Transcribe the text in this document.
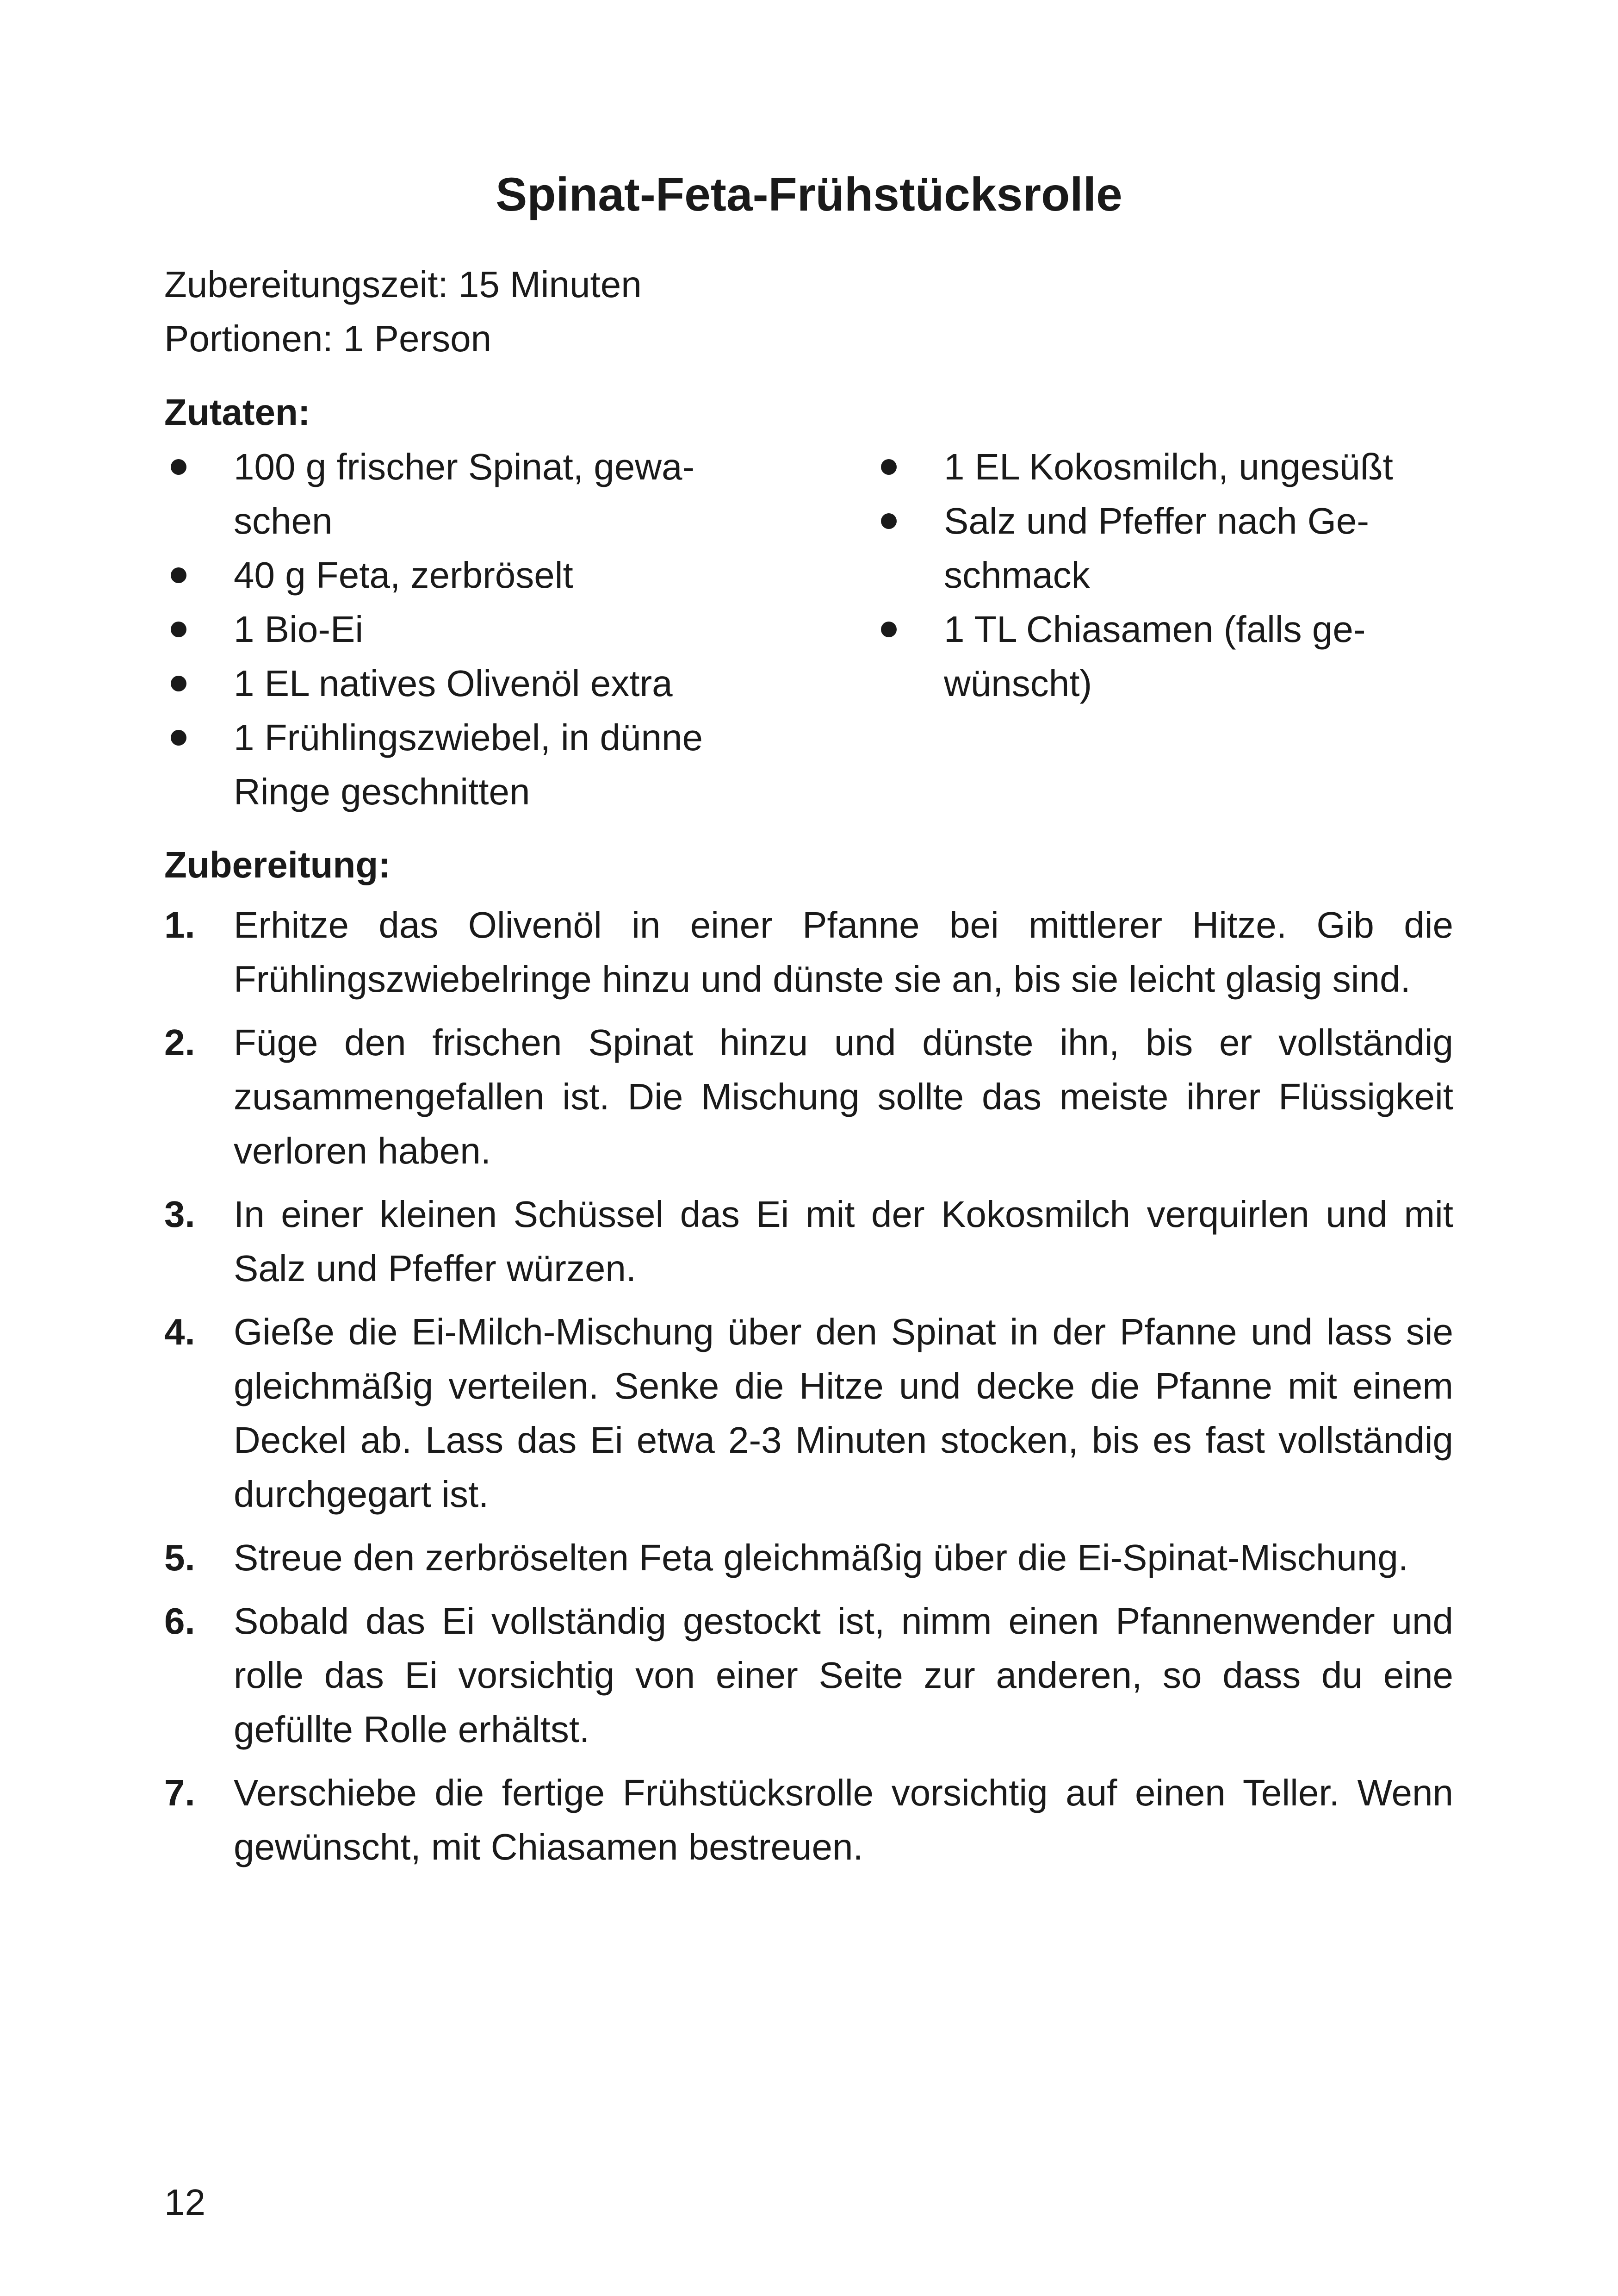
Spinat-Feta-Frühstücksrolle
Zubereitungszeit: 15 Minuten
Portionen: 1 Person
Zutaten:
100 g frischer Spinat, gewa-schen
40 g Feta, zerbröselt
1 Bio-Ei
1 EL natives Olivenöl extra
1 Frühlingszwiebel, in dünne Ringe geschnitten
1 EL Kokosmilch, ungesüßt
Salz und Pfeffer nach Ge-schmack
1 TL Chiasamen (falls ge-wünscht)
Zubereitung:
1. Erhitze das Olivenöl in einer Pfanne bei mittlerer Hitze. Gib die Frühlingszwiebelringe hinzu und dünste sie an, bis sie leicht glasig sind.
2. Füge den frischen Spinat hinzu und dünste ihn, bis er vollständig zusammengefallen ist. Die Mischung sollte das meiste ihrer Flüssigkeit verloren haben.
3. In einer kleinen Schüssel das Ei mit der Kokosmilch verquirlen und mit Salz und Pfeffer würzen.
4. Gieße die Ei-Milch-Mischung über den Spinat in der Pfanne und lass sie gleichmäßig verteilen. Senke die Hitze und decke die Pfanne mit einem Deckel ab. Lass das Ei etwa 2-3 Minuten stocken, bis es fast vollständig durchgegart ist.
5. Streue den zerbröselten Feta gleichmäßig über die Ei-Spinat-Mischung.
6. Sobald das Ei vollständig gestockt ist, nimm einen Pfannenwender und rolle das Ei vorsichtig von einer Seite zur anderen, so dass du eine gefüllte Rolle erhältst.
7. Verschiebe die fertige Frühstücksrolle vorsichtig auf einen Teller. Wenn gewünscht, mit Chiasamen bestreuen.
12
